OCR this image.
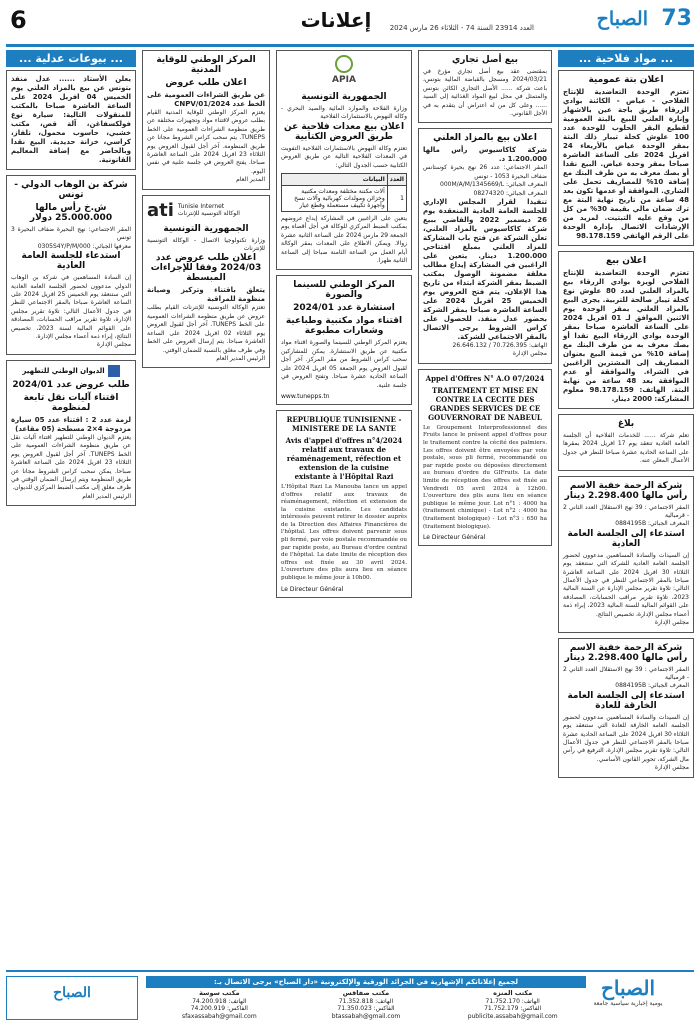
73
الصباح
العدد 23914 السنة 74 - الثلاثاء 26 مارس 2024
إعلانات
6
... مواد فلاحية ...
اعلان بتة عمومية
تعتزم الوحدة التعاضدية للإنتاج الفلاحي - عياض - الكائنة بوادي الزرقاء طريق باجة عين بالاشهار وإنارة العلني للبيع بالبتة العمومية لقطيع البقر الحلوب للوحدة عدد 100 علوش كحلة تيبار ذلك البتة بمقر الوحدة عياض بالأربعاء 24 افريل 2024 على الساعة العاشرة صباحا بمقر وحدة عياض. البيع نقدا أو بصك معرف به من طرف البنك مع إضافة 10% للمصاريف تحمل على الشاري. الموافقة أو عدمها تكون بعد 48 ساعة من تاريخ نهاية البتة مع ترك ضمان مالي بقيمة 30% من كل من وقع عليه التبتيت. لمزيد من الإرشادات الاتصال بإدارة الوحدة على الرقم الهاتفي 98.178.159
اعلان بيع
تعتزم الوحدة التعاضدية للإنتاج الفلاحي لويزة بوادي الزرقاء بيع بالمزاد العلني لعدد 80 علوش نوع كحلة تيبار صالحة للتربية. يجرى البيع بالمزاد العلني بمقر الوحدة يوم الاثنين الموافق لـ 01 افريل 2024 على الساعة العاشرة صباحا بمقر الوحدة بوادي الزرقاء البيع نقدا أو بصك معرف به من طرف البنك مع إضافة 10% من قيمة البيع بعنوان المصاريف إلى المشترين الراغبين في الشراء. والموافقة أو عدم الموافقة بعد 48 ساعة من نهاية البتة. الهاتف: 98.178.159 معلوم المشاركة: 2000 دينار.
بلاغ
تعلم شركة ...... للخدمات الفلاحية أن الجلسة العامة العادية تنعقد يوم 17 افريل 2024 بمقرها على الساعة الحادية عشرة صباحا للنظر في جدول الأعمال المعلن عنه.
شركة الرحمة خفية الاسم رأس مالها 2.298.400 دينار
المقر الاجتماعي : 39 نهج الاستقلال العدد الثاني 2 - قرمبالية
المعرف الجبائي: 0884195B
استدعاء إلى الجلسة العامة العادية
إن السيدات والسادة المساهمين مدعوون لحضور الجلسة العامة العادية للشركة التي ستنعقد يوم الثلاثاء 30 افريل 2024 على الساعة العاشرة صباحا بالمقر الاجتماعي للنظر في جدول الأعمال التالي: تلاوة تقرير مجلس الإدارة عن السنة المالية 2023، تلاوة تقرير مراقب الحسابات، المصادقة على القوائم المالية للسنة المالية 2023، إبراء ذمة أعضاء مجلس الإدارة، تخصيص النتائج.
مجلس الإدارة
شركة الرحمة خفية الاسم رأس مالها 2.298.400 دينار
المقر الاجتماعي : 39 نهج الاستقلال العدد الثاني 2 - قرمبالية
المعرف الجبائي: 0884195B
استدعاء إلى الجلسة العامة الخارقة للعادة
إن السيدات والسادة المساهمين مدعوون لحضور الجلسة العامة الخارقة للعادة التي ستنعقد يوم الثلاثاء 30 افريل 2024 على الساعة الحادية عشرة صباحا بالمقر الاجتماعي للنظر في جدول الأعمال التالي: تلاوة تقرير مجلس الإدارة، الترفيع في رأس مال الشركة، تحوير القانون الأساسي.
مجلس الإدارة
بيع أصل تجاري
بمقتضى عقد بيع أصل تجاري مؤرخ في 2024/03/21 ومسجل بالقباضة المالية بتونس، باعت شركة ...... الأصل التجاري الكائن بتونس والمتمثل في محل لبيع المواد الغذائية إلى السيد ...... وعلى كل من له اعتراض أن يتقدم به في الأجل القانوني.
اعلان بيع بالمزاد العلني
شركة كاكاسيوس رأس مالها 1.200.000 د.
المقر الاجتماعي: عدد 26 نهج بحيرة كوستانس ضفاف البحيرة 1053 - تونس
المعرف الجبائي: 000M/A/M/1345669/L
المعرف الجبائي: 08274320
تنفيذا لقرار المجلس الإداري للجلسة العامة العادية المنعقدة يوم 26 ديسمبر 2022 والقاضي ببيع شركة كاكاسيوس بالمزاد العلني، تعلن الشركة عن فتح باب المشاركة للمزاد العلني بمبلغ افتتاحي 1.200.000 دينار. يتعين على الراغبين في المشاركة إيداع مطالب مغلقة مضمونة الوصول بمكتب الضبط بمقر الشركة ابتداء من تاريخ هذا الإعلان. يتم فتح العروض يوم الخميس 25 افريل 2024 على الساعة العاشرة صباحا بمقر الشركة بحضور عدل منفذ. للحصول على كراس الشروط يرجى الاتصال بالمقر الاجتماعي للشركة.
الهاتف: 70.726.395 / 26.646.132
مجلس الإدارة
Appel d'Offres N° A.O 07/2024
TRAITEMENT ET MISE EN CONTRE LA CECITE DES GRANDES SERVICES DE CE GOUVERNORAT DE NABEUL
Le Groupement Interprofessionnel des Fruits lance le présent appel d'offres pour le traitement contre la cécité des palmiers. Les offres doivent être envoyées par voie postale, sous pli fermé, recommandé ou par rapide poste ou déposées directement au bureau d'ordre du GIFruits. La date limite de réception des offres est fixée au Vendredi 05 avril 2024 à 12h00. L'ouverture des plis aura lieu en séance publique le même jour. Lot n°1 : 4000 ha (traitement chimique) - Lot n°2 : 4000 ha (traitement biologique) - Lot n°3 : 650 ha (traitement biologique).
Le Directeur Général
APIA
الجمهورية التونسية
وزارة الفلاحة والموارد المائية والصيد البحري - وكالة النهوض بالاستثمارات الفلاحية
اعلان بيع معدات فلاحية عن طريق العروض الكتابية
تعتزم وكالة النهوض بالاستثمارات الفلاحية التفويت في المعدات الفلاحية التالية عن طريق العروض الكتابية حسب الجدول التالي:
العدد	البيانات
1	آلات مكننة مختلفة ومعدات مكتبية وخزائن ومولدات كهربائية وآلات نسخ وأجهزة تكييف مستعملة وقطع غيار
يتعين على الراغبين في المشاركة إيداع عروضهم بمكتب الضبط المركزي للوكالة في أجل أقصاه يوم الجمعة 29 مارس 2024 على الساعة الثانية عشرة زوالا. ويمكن الاطلاع على المعدات بمقر الوكالة أيام العمل من الساعة الثامنة صباحا إلى الساعة الثانية ظهرا.
المركز الوطني للسينما والصورة
استشارة عدد 2024/01
اقتناء مواد مكتبية وطباعية وشعارات مطبوعة
يعتزم المركز الوطني للسينما والصورة اقتناء مواد مكتبية عن طريق الاستشارة. يمكن للمشاركين سحب كراس الشروط من مقر المركز. آخر أجل لقبول العروض يوم الجمعة 05 افريل 2024 على الساعة الحادية عشرة صباحا. وتفتح العروض في جلسة علنية.
www.tunepps.tn
REPUBLIQUE TUNISIENNE - MINISTERE DE LA SANTE
Avis d'appel d'offres n°4/2024 relatif aux travaux de réaménagement, réfection et extension de la cuisine existante à l'Hôpital Razi
L'Hôpital Razi La Manouba lance un appel d'offres relatif aux travaux de réaménagement, réfection et extension de la cuisine existante. Les candidats intéressés peuvent retirer le dossier auprès de la Direction des Affaires Financières de l'hôpital. Les offres doivent parvenir sous pli fermé, par voie postale recommandée ou par rapide poste, au Bureau d'ordre central de l'hôpital. La date limite de réception des offres est fixée au 30 avril 2024. L'ouverture des plis aura lieu en séance publique le même jour à 10h00.
Le Directeur Général
المركز الوطني للوقاية المدنية
اعلان طلب عروض
عن طريق الشراءات العمومية على الخط عدد 2024/CNPV/01
يعتزم المركز الوطني للوقاية المدنية القيام بطلب عروض لاقتناء مواد وتجهيزات مختلفة عن طريق منظومة الشراءات العمومية على الخط TUNEPS. يتم سحب كراس الشروط مجانا عن طريق المنظومة. آخر أجل لقبول العروض يوم الثلاثاء 23 افريل 2024 على الساعة العاشرة صباحا. يفتح العروض في جلسة علنية في نفس اليوم.
المدير العام
ati Tunisie Internet
الوكالة التونسية للإنترنات
الجمهورية التونسية
وزارة تكنولوجيا الاتصال - الوكالة التونسية للإنترنات
اعلان طلب عروض عدد 2024/03 وفقا للإجراءات المبسطة
يتعلق باقتناء وتركيز وصيانة منظومة للمراقبة
تعتزم الوكالة التونسية للإنترنات القيام بطلب عروض عن طريق منظومة الشراءات العمومية على الخط TUNEPS. آخر أجل لقبول العروض يوم الثلاثاء 02 افريل 2024 على الساعة العاشرة صباحا. يتم إرسال العروض على الخط وفي ظرف مغلق بالنسبة للضمان الوقتي.
الرئيس المدير العام
... بيوعات عدلية ...
يعلن الأستاذ ...... عدل منفذ بتونس عن بيع بالمزاد العلني يوم الخميس 04 افريل 2024 على الساعة العاشرة صباحا بالمكتب للمنقولات التالية: سيارة نوع فولكسفاغن، آلة قص، مكتب خشبي، حاسوب محمول، تلفاز، كراسي، خزانة حديدية. البيع نقدا وبالحاضر مع إضافة المعاليم القانونية.
شركة بن الوهاب الدولي - تونس
ش.خ رأس مالها 25.000.000 دولار
المقر الاجتماعي: نهج البحيرة ضفاف البحيرة 3 تونس
معرفها الجبائي: 0305S4Y/P/M/000
استدعاء للجلسة العامة العادية
إن السادة المساهمين في شركة بن الوهاب الدولي مدعوون لحضور الجلسة العامة العادية التي ستنعقد يوم الخميس 25 افريل 2024 على الساعة العاشرة صباحا بالمقر الاجتماعي للنظر في جدول الأعمال التالي: تلاوة تقرير مجلس الإدارة، تلاوة تقرير مراقب الحسابات، المصادقة على القوائم المالية لسنة 2023، تخصيص النتائج، إبراء ذمة أعضاء مجلس الإدارة.
مجلس الإدارة
الديوان الوطني للتطهير
طلب عروض عدد 2024/01
اقتناء آليات نقل تابعة لمنظومة
لزمة عدد 2 : اقتناء عدد 05 سيارة مزدوجة 4×2 مسطحة (05 مقاعد)
يعتزم الديوان الوطني للتطهير اقتناء آليات نقل عن طريق منظومة الشراءات العمومية على الخط TUNEPS. آخر أجل لقبول العروض يوم الثلاثاء 23 افريل 2024 على الساعة العاشرة صباحا. يمكن سحب كراس الشروط مجانا عن طريق المنظومة ويتم إرسال الضمان الوقتي في ظرف مغلق إلى مكتب الضبط المركزي للديوان.
الرئيس المدير العام
الصباح
يومية إخبارية سياسية جامعة
لجميع إعلاناتكم الإشهارية في الجرائد الورقية والإلكترونية «دار الصباح» يرجى الاتصال بـ:
مكتب المنزه
الهاتف: 71.752.170
الفاكس: 71.752.179
publicite.assabah@gmail.com
مكتب صفاقس
الهاتف: 71.352.818
الفاكس: 71.350.023
btassabah@gmail.com
مكتب سوسة
الهاتف: 74.200.918
الفاكس: 74.200.919
sfaxassabah@gmail.com
الصباح
